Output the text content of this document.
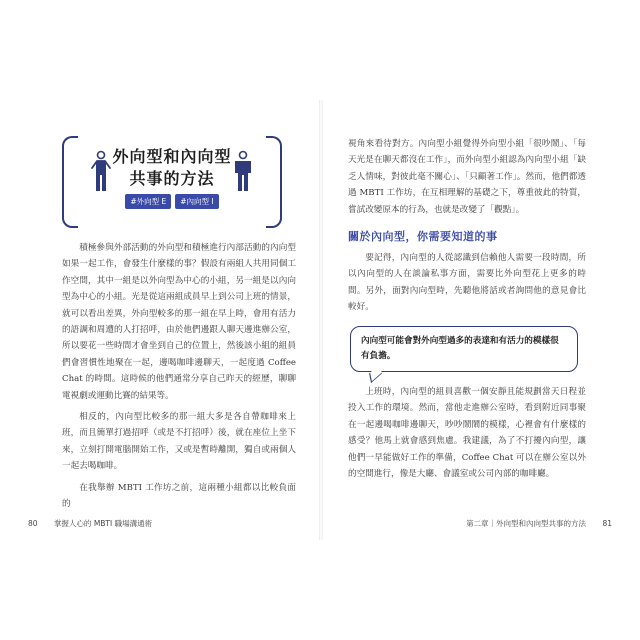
外向型和內向型
共事的方法
#外向型 E #內向型 I

積極參與外部活動的外向型和積極進行內部活動的內向型如果一起工作，會發生什麼樣的事？假設有兩組人共用同個工作空間，其中一組是以外向型為中心的小組，另一組是以內向型為中心的小組。光是從這兩組成員早上到公司上班的情景，就可以看出差異，外向型較多的那一組在早上時，會用有活力的語調和周遭的人打招呼，由於他們邊跟人聊天邊進辦公室，所以要花一些時間才會坐到自己的位置上，然後該小組的組員們會習慣性地聚在一起，邊喝咖啡邊聊天，一起度過 Coffee Chat 的時間。這時候的他們通常分享自己昨天的經歷，聊聊電視劇或運動比賽的結果等。

相反的，內向型比較多的那一組大多是各自帶咖啡來上班，而且簡單打過招呼（或是不打招呼）後，就在座位上坐下來，立刻打開電腦開始工作，又或是暫時離開，獨自或兩個人一起去喝咖啡。

在我舉辦 MBTI 工作坊之前，這兩種小組都以比較負面的

80 掌握人心的 MBTI 職場溝通術

視角來看待對方。內向型小組覺得外向型小組「很吵鬧」、「每天光是在聊天都沒在工作」，而外向型小組認為內向型小組「缺乏人情味，對彼此毫不關心」、「只顧著工作」。然而，他們都透過 MBTI 工作坊，在互相理解的基礎之下，尊重彼此的特質，嘗試改變原本的行為，也就是改變了「觀點」。

關於內向型，你需要知道的事

要記得，內向型的人從認識到信賴他人需要一段時間，所以內向型的人在談論私事方面，需要比外向型花上更多的時間。另外，面對內向型時，先聽他將話或者詢問他的意見會比較好。

內向型可能會對外向型過多的表達和有活力的模樣很有負擔。

上班時，內向型的組員喜歡一個安靜且能規劃當天日程並投入工作的環境。然而，當他走進辦公室時，看到附近同事聚在一起邊喝咖啡邊聊天，吵吵鬧鬧的模樣，心裡會有什麼樣的感受？他馬上就會感到焦慮。我建議，為了不打擾內向型，讓他們一早能做好工作的準備，Coffee Chat 可以在辦公室以外的空間進行，像是大廳、會議室或公司內部的咖啡廳。

第二章｜外向型和內向型共事的方法 81
